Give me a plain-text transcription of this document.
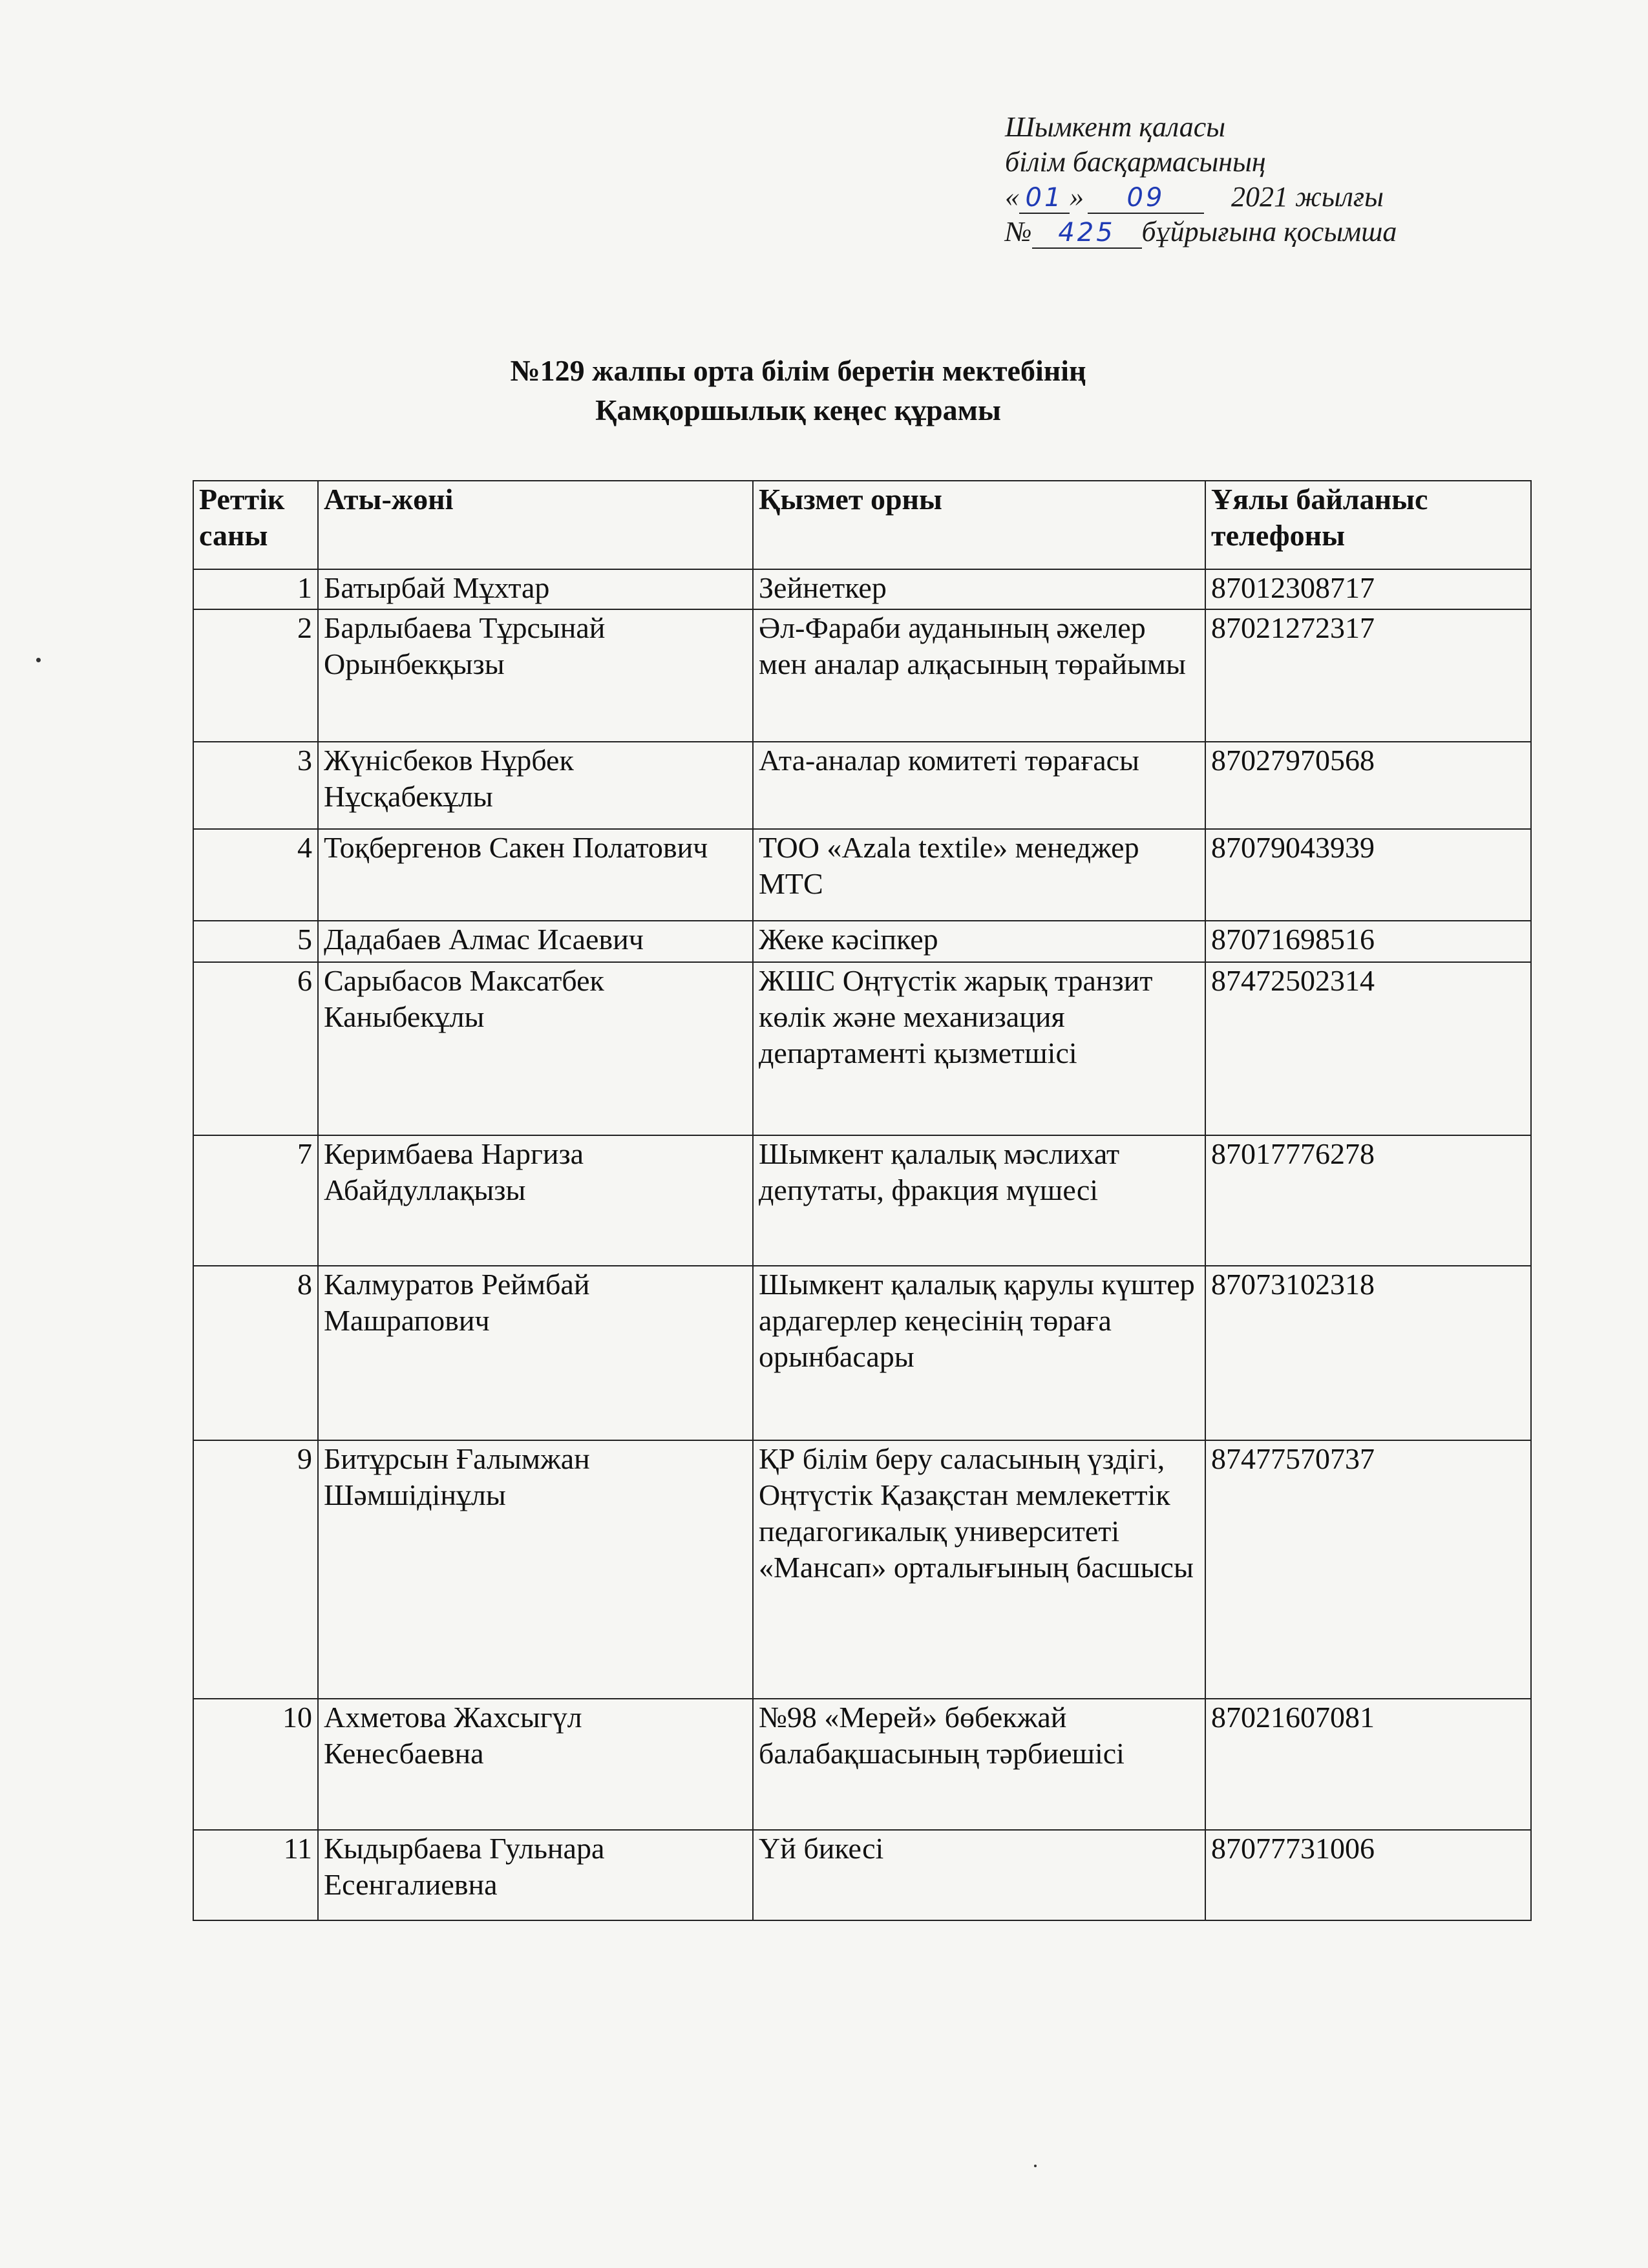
Шымкент қаласы
білім басқармасының
« 01 » 09 2021 жылғы
№ 425 бұйрығына қосымша
№129 жалпы орта білім беретін мектебінің
Қамқоршылық кеңес құрамы
Реттік саны	Аты-жөні	Қызмет орны	Ұялы байланыс телефоны
1	Батырбай Мұхтар	Зейнеткер	87012308717
2	Барлыбаева Тұрсынай Орынбекқызы	Әл-Фараби ауданының әжелер мен аналар алқасының төрайымы	87021272317
3	Жүнісбеков Нұрбек Нұсқабекұлы	Ата-аналар комитеті төрағасы	87027970568
4	Тоқбергенов Сакен Полатович	ТОО «Azala textile» менеджер МТС	87079043939
5	Дадабаев Алмас Исаевич	Жеке кәсіпкер	87071698516
6	Сарыбасов Максатбек Каныбекұлы	ЖШС Оңтүстік жарық транзит көлік және механизация департаменті қызметшісі	87472502314
7	Керимбаева Наргиза Абайдуллақызы	Шымкент қалалық мәслихат депутаты, фракция мүшесі	87017776278
8	Калмуратов Реймбай Машрапович	Шымкент қалалық қарулы күштер ардагерлер кеңесінің төраға орынбасары	87073102318
9	Битұрсын Ғалымжан Шәмшідінұлы	ҚР білім беру саласының үздігі, Оңтүстік Қазақстан мемлекеттік педагогикалық университеті «Мансап» орталығының басшысы	87477570737
10	Ахметова Жахсыгүл Кенесбаевна	№98 «Мерей» бөбекжай балабақшасының тәрбиешісі	87021607081
11	Кыдырбаева Гульнара Есенгалиевна	Үй бикесі	87077731006
